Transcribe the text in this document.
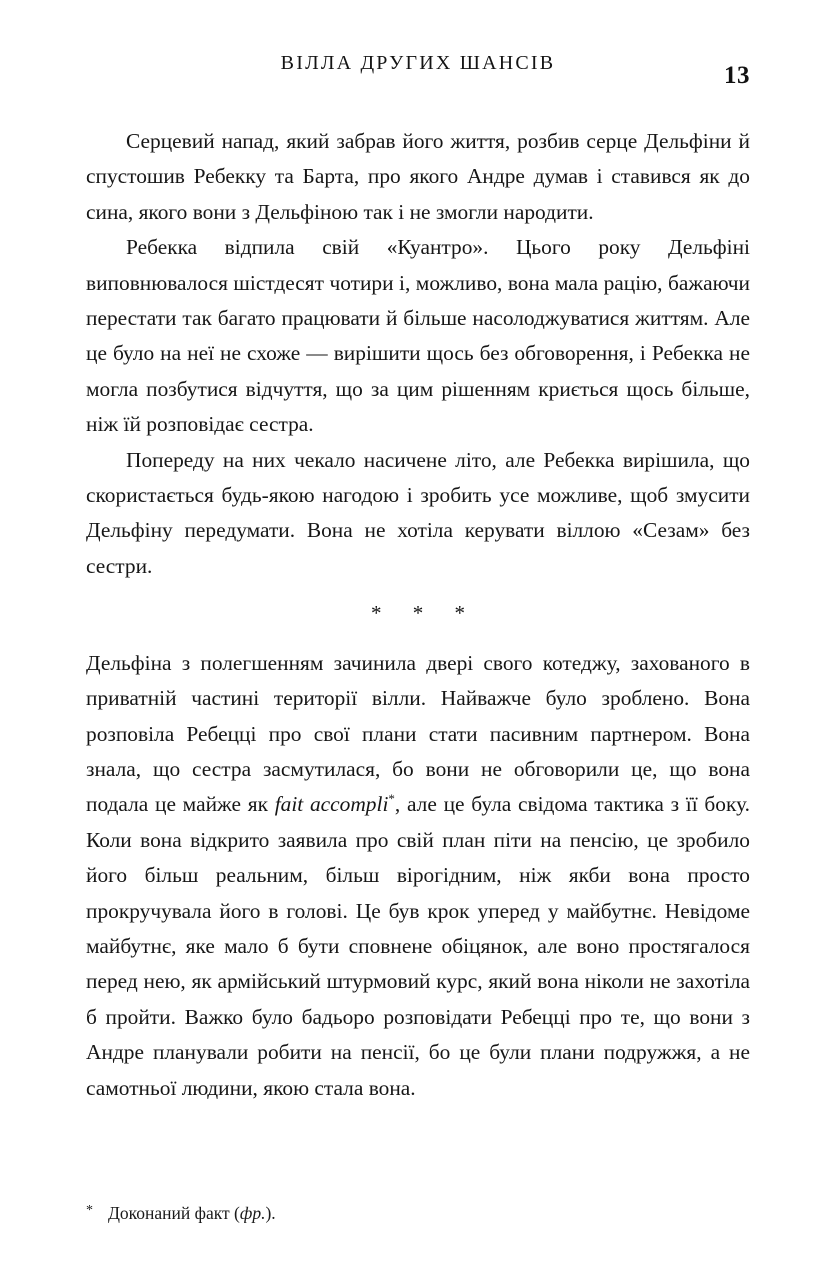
ВІЛЛА ДРУГИХ ШАНСІВ	13

Серцевий напад, який забрав його життя, розбив серце Дельфіни й спустошив Ребекку та Барта, про якого Андре думав і ставився як до сина, якого вони з Дельфіною так і не змогли народити.

Ребекка відпила свій «Куантро». Цього року Дельфіні виповнювалося шістдесят чотири і, можливо, вона мала рацію, бажаючи перестати так багато працювати й більше насолоджуватися життям. Але це було на неї не схоже — вирішити щось без обговорення, і Ребекка не могла позбутися відчуття, що за цим рішенням криється щось більше, ніж їй розповідає сестра.

Попереду на них чекало насичене літо, але Ребекка вирішила, що скористається будь-якою нагодою і зробить усе можливе, щоб змусити Дельфіну передумати. Вона не хотіла керувати віллою «Сезам» без сестри.

* * *

Дельфіна з полегшенням зачинила двері свого котеджу, захованого в приватній частині території вілли. Найважче було зроблено. Вона розповіла Ребецці про свої плани стати пасивним партнером. Вона знала, що сестра засмутилася, бо вони не обговорили це, що вона подала це майже як fait accompli*, але це була свідома тактика з її боку. Коли вона відкрито заявила про свій план піти на пенсію, це зробило його більш реальним, більш вірогідним, ніж якби вона просто прокручувала його в голові. Це був крок уперед у майбутнє. Невідоме майбутнє, яке мало б бути сповнене обіцянок, але воно простягалося перед нею, як армійський штурмовий курс, який вона ніколи не захотіла б пройти. Важко було бадьоро розповідати Ребецці про те, що вони з Андре планували робити на пенсії, бо це були плани подружжя, а не самотньої людини, якою стала вона.

* Доконаний факт (фр.).
